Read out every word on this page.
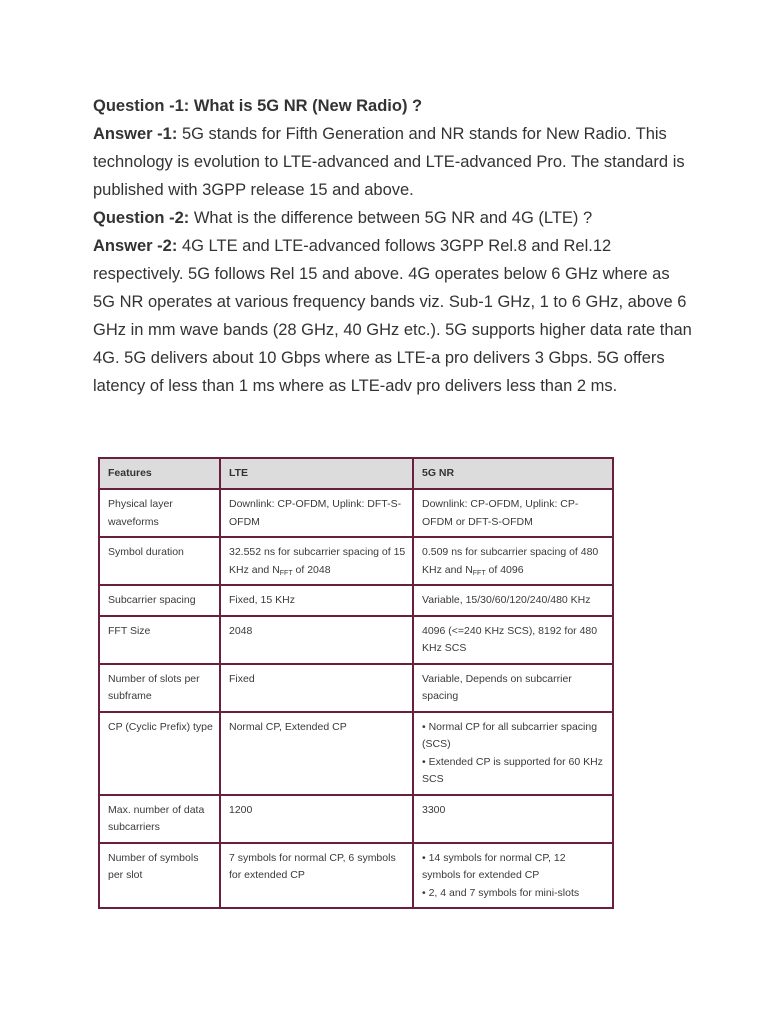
Question -1: What is 5G NR (New Radio) ?

Answer -1: 5G stands for Fifth Generation and NR stands for New Radio. This technology is evolution to LTE-advanced and LTE-advanced Pro. The standard is published with 3GPP release 15 and above.

Question -2: What is the difference between 5G NR and 4G (LTE) ?

Answer -2: 4G LTE and LTE-advanced follows 3GPP Rel.8 and Rel.12 respectively. 5G follows Rel 15 and above. 4G operates below 6 GHz where as 5G NR operates at various frequency bands viz. Sub-1 GHz, 1 to 6 GHz, above 6 GHz in mm wave bands (28 GHz, 40 GHz etc.). 5G supports higher data rate than 4G. 5G delivers about 10 Gbps where as LTE-a pro delivers 3 Gbps. 5G offers latency of less than 1 ms where as LTE-adv pro delivers less than 2 ms.

Features	LTE	5G NR
Physical layer waveforms	Downlink: CP-OFDM, Uplink: DFT-S-OFDM	Downlink: CP-OFDM, Uplink: CP-OFDM or DFT-S-OFDM
Symbol duration	32.552 ns for subcarrier spacing of 15 KHz and $N_{FFT}$ of 2048	0.509 ns for subcarrier spacing of 480 KHz and $N_{FFT}$ of 4096
Subcarrier spacing	Fixed, 15 KHz	Variable, 15/30/60/120/240/480 KHz
FFT Size	2048	4096 (<=240 KHz SCS), 8192 for 480 KHz SCS
Number of slots per subframe	Fixed	Variable, Depends on subcarrier spacing
CP (Cyclic Prefix) type	Normal CP, Extended CP	• Normal CP for all subcarrier spacing (SCS)
• Extended CP is supported for 60 KHz SCS

Max. number of data subcarriers	1200	3300
Number of symbols per slot	7 symbols for normal CP, 6 symbols for extended CP	• 14 symbols for normal CP, 12 symbols for extended CP
• 2, 4 and 7 symbols for mini-slots
